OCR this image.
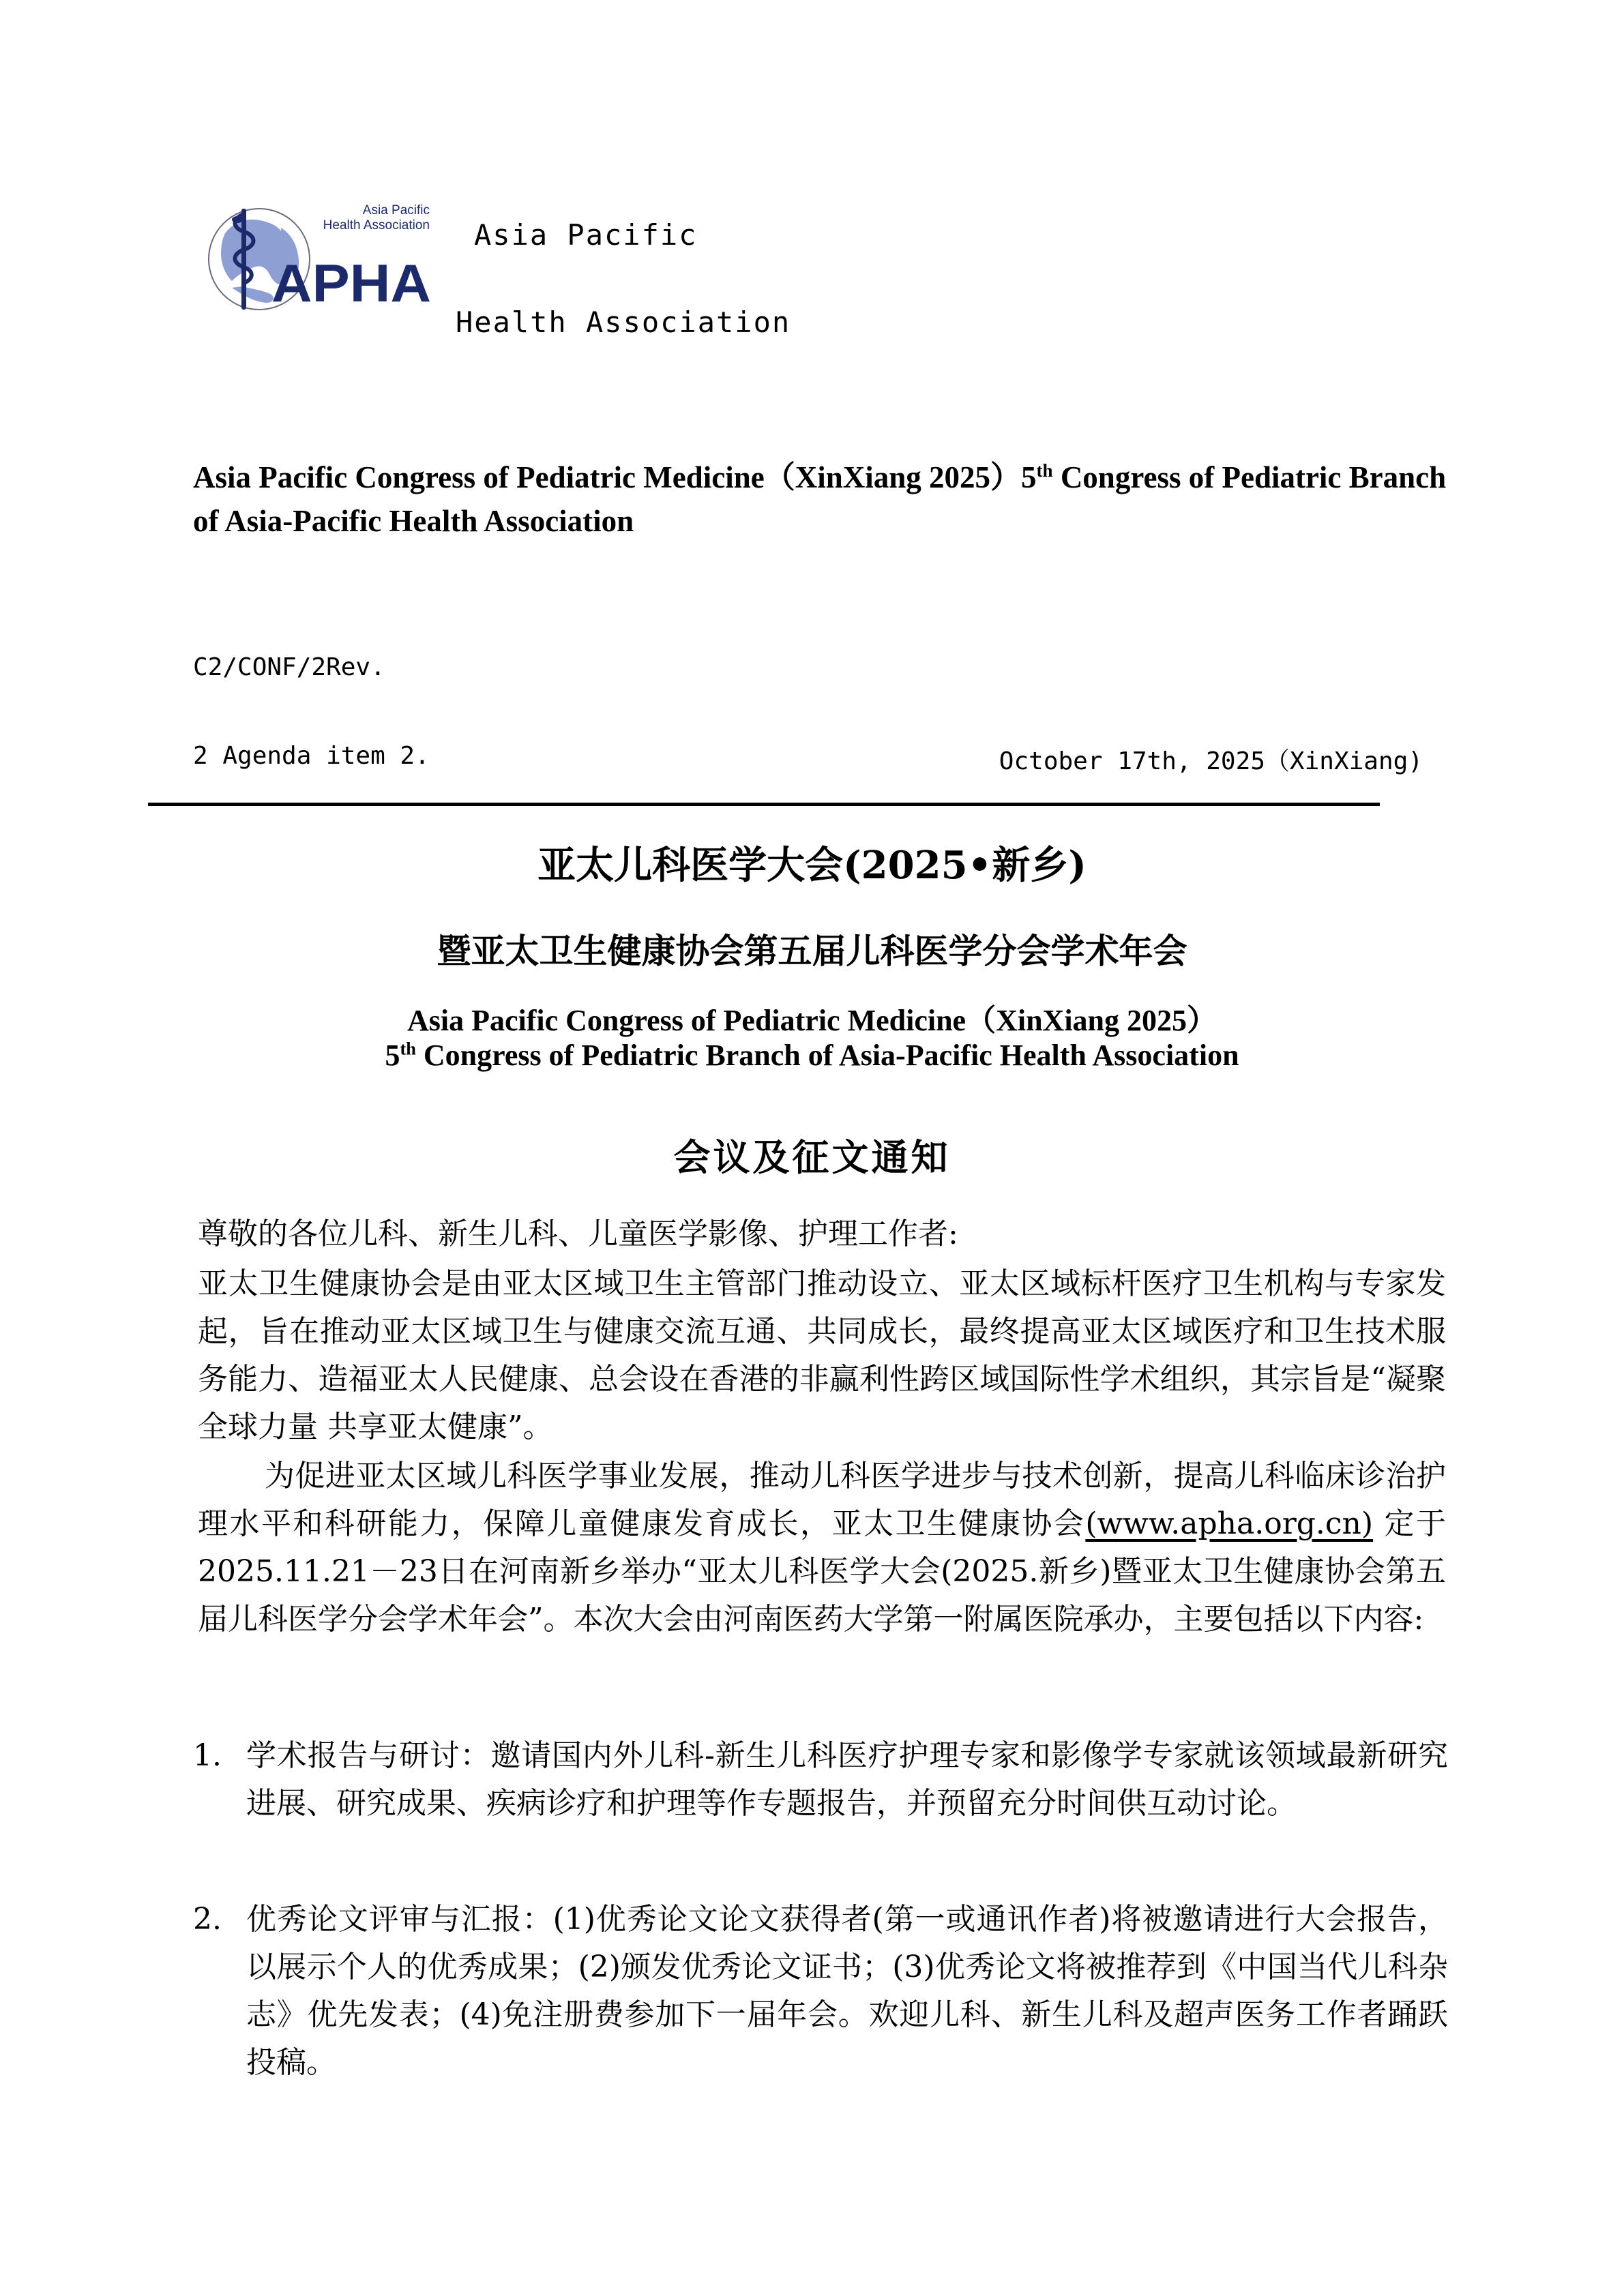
Asia Pacific
Health Association
APHA
Asia Pacific
Health Association
Asia Pacific Congress of Pediatric Medicine（XinXiang 2025）5th Congress of Pediatric Branch of Asia-Pacific Health Association
C2/CONF/2Rev.
2 Agenda item 2.	October 17th, 2025（XinXiang)
亚太儿科医学大会(2025•新乡)
暨亚太卫生健康协会第五届儿科医学分会学术年会
Asia Pacific Congress of Pediatric Medicine（XinXiang 2025）
5th Congress of Pediatric Branch of Asia-Pacific Health Association
会议及征文通知
尊敬的各位儿科、新生儿科、儿童医学影像、护理工作者:
亚太卫生健康协会是由亚太区域卫生主管部门推动设立、亚太区域标杆医疗卫生机构与专家发起，旨在推动亚太区域卫生与健康交流互通、共同成长，最终提高亚太区域医疗和卫生技术服务能力、造福亚太人民健康、总会设在香港的非赢利性跨区域国际性学术组织，其宗旨是“凝聚全球力量 共享亚太健康”。
为促进亚太区域儿科医学事业发展，推动儿科医学进步与技术创新，提高儿科临床诊治护理水平和科研能力，保障儿童健康发育成长，亚太卫生健康协会(www.apha.org.cn) 定于2025.11.21－23日在河南新乡举办“亚太儿科医学大会(2025.新乡)暨亚太卫生健康协会第五届儿科医学分会学术年会”。本次大会由河南医药大学第一附属医院承办，主要包括以下内容:
1. 学术报告与研讨：邀请国内外儿科-新生儿科医疗护理专家和影像学专家就该领域最新研究进展、研究成果、疾病诊疗和护理等作专题报告，并预留充分时间供互动讨论。
2. 优秀论文评审与汇报：(1)优秀论文论文获得者(第一或通讯作者)将被邀请进行大会报告，以展示个人的优秀成果；(2)颁发优秀论文证书；(3)优秀论文将被推荐到《中国当代儿科杂志》优先发表；(4)免注册费参加下一届年会。欢迎儿科、新生儿科及超声医务工作者踊跃投稿。
